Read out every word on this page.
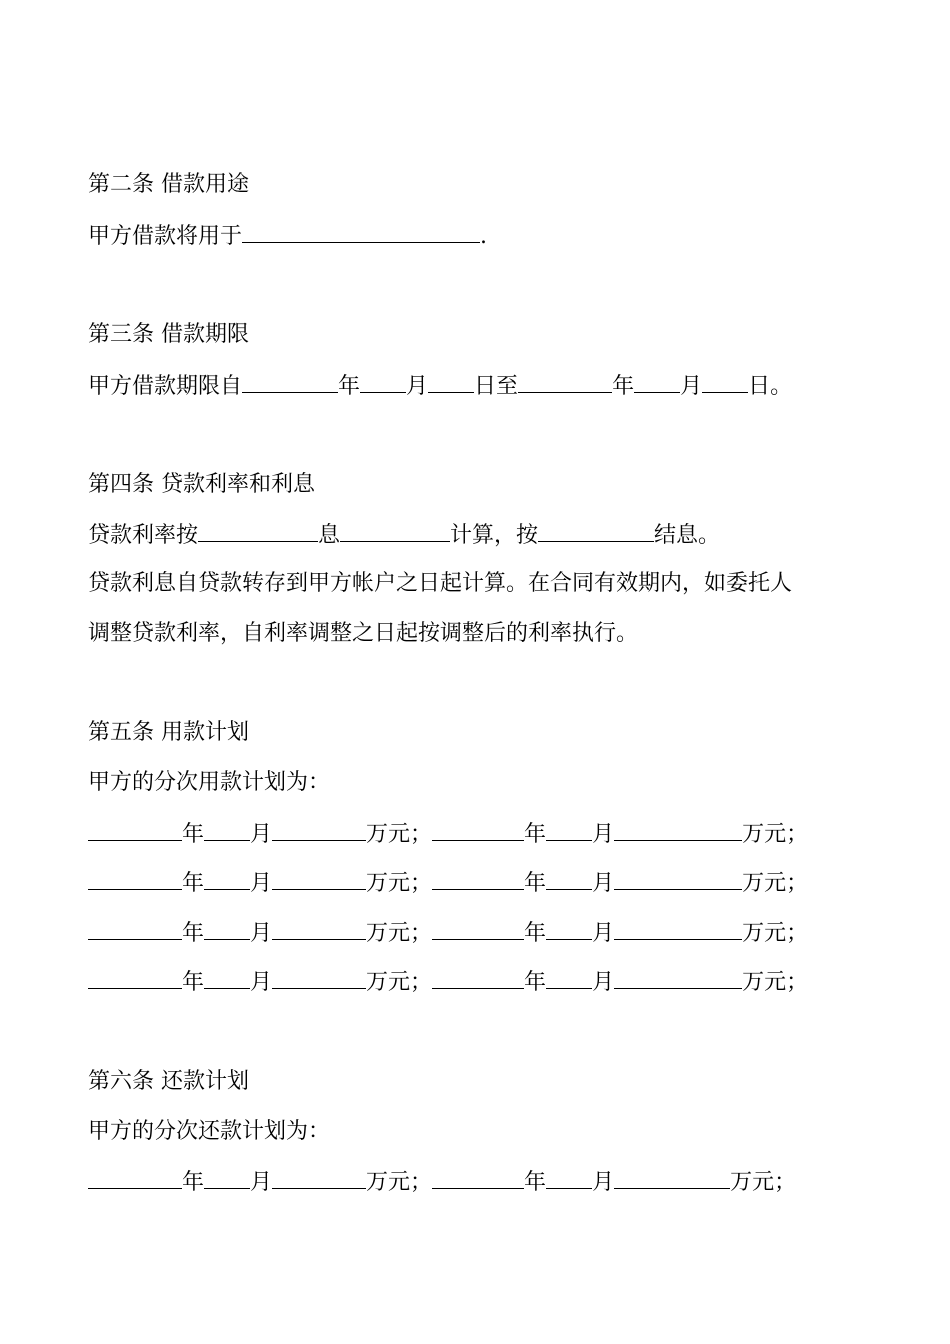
第二条 借款用途
甲方借款将用于	.
第三条 借款期限
甲方借款期限自	年 月 日至	年 月 日。
第四条 贷款利率和利息
贷款利率按	息	计算，按	结息。
贷款利息自贷款转存到甲方帐户之日起计算。在合同有效期内，如委托人
调整贷款利率，自利率调整之日起按调整后的利率执行。
第五条 用款计划
甲方的分次用款计划为：
年 月	万元；	年 月	万元；
年 月	万元；	年 月	万元；
年 月	万元；	年 月	万元；
年 月	万元；	年 月	万元；
第六条 还款计划
甲方的分次还款计划为：
年 月	万元；	年 月	万元；
